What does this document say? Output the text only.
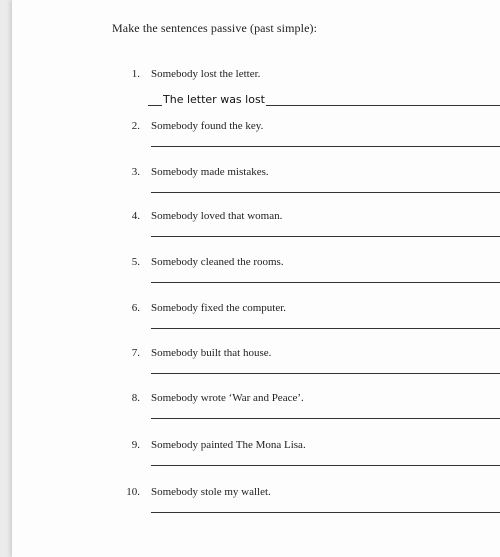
Make the sentences passive (past simple):
1. Somebody lost the letter.
The letter was lost
2. Somebody found the key.
3. Somebody made mistakes.
4. Somebody loved that woman.
5. Somebody cleaned the rooms.
6. Somebody fixed the computer.
7. Somebody built that house.
8. Somebody wrote ‘War and Peace’.
9. Somebody painted The Mona Lisa.
10. Somebody stole my wallet.
